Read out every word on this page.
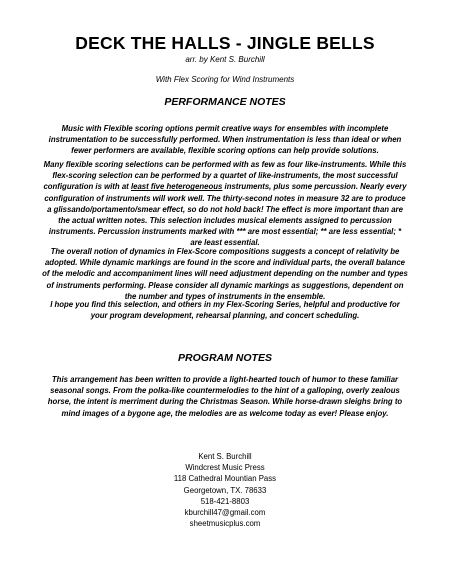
DECK THE HALLS - JINGLE BELLS

arr. by Kent S. Burchill

With Flex Scoring for Wind Instruments

PERFORMANCE NOTES

Music with Flexible scoring options permit creative ways for ensembles with incomplete instrumentation to be successfully performed. When instrumentation is less than ideal or when fewer performers are available, flexible scoring options can help provide solutions.

Many flexible scoring selections can be performed with as few as four like-instruments. While this flex-scoring selection can be performed by a quartet of like-instruments, the most successful configuration is with at least five heterogeneous instruments, plus some percussion. Nearly every configuration of instruments will work well. The thirty-second notes in measure 32 are to produce a glissando/portamento/smear effect, so do not hold back! The effect is more important than are the actual written notes. This selection includes musical elements assigned to percussion instruments. Percussion instruments marked with *** are most essential; ** are less essential; * are least essential.

The overall notion of dynamics in Flex-Score compositions suggests a concept of relativity be adopted. While dynamic markings are found in the score and individual parts, the overall balance of the melodic and accompaniment lines will need adjustment depending on the number and types of instruments performing. Please consider all dynamic markings as suggestions, dependent on the number and types of instruments in the ensemble.

I hope you find this selection, and others in my Flex-Scoring Series, helpful and productive for your program development, rehearsal planning, and concert scheduling.

PROGRAM NOTES

This arrangement has been written to provide a light-hearted touch of humor to these familiar seasonal songs. From the polka-like countermelodies to the hint of a galloping, overly zealous horse, the intent is merriment during the Christmas Season. While horse-drawn sleighs bring to mind images of a bygone age, the melodies are as welcome today as ever! Please enjoy.

Kent S. Burchill
Windcrest Music Press
118 Cathedral Mountian Pass
Georgetown, TX. 78633
518-421-8803
kburchill47@gmail.com
sheetmusicplus.com
